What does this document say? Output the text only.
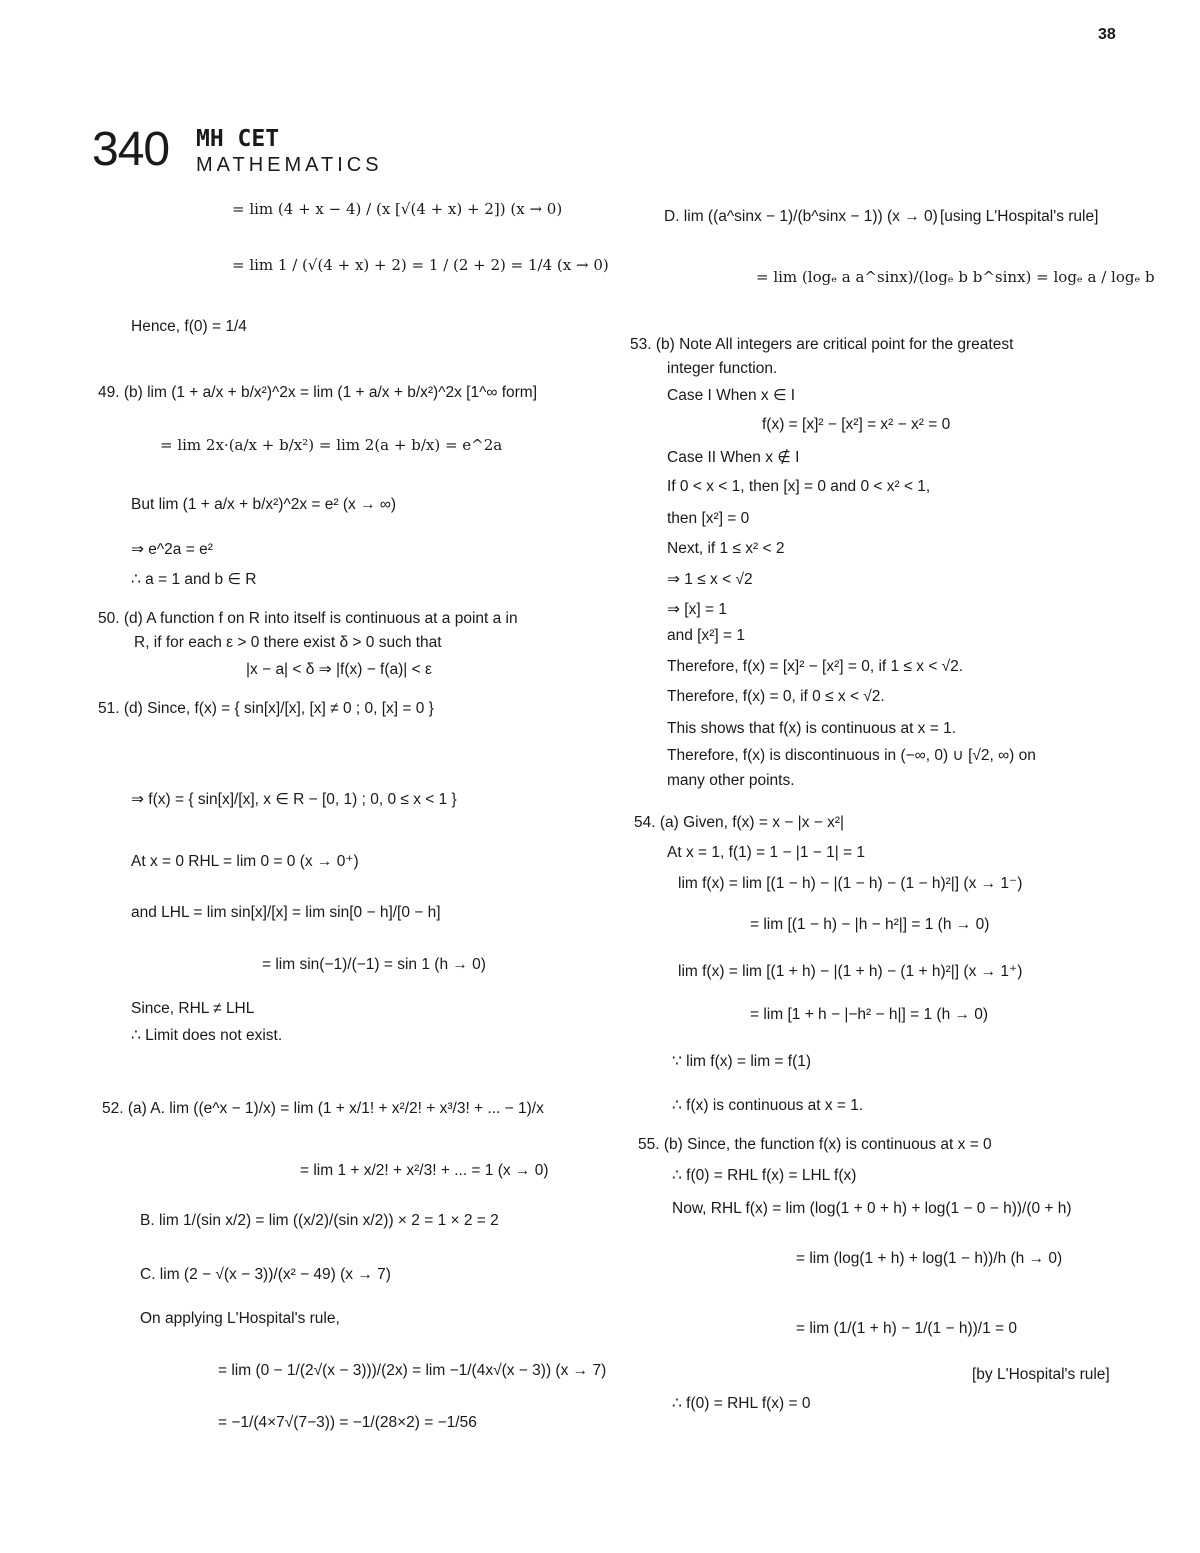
38
340 MH CET
MATHEMATICS
= lim (4 + x − 4) / (x [√(4 + x) + 2]) (x → 0)
= lim 1 / (√(4 + x) + 2) = 1 / (2 + 2) = 1/4 (x → 0)
Hence, f(0) = 1/4
49. (b) lim (1 + a/x + b/x²)^2x = lim (1 + a/x + b/x²)^2x [1^∞ form]
= lim 2x·(a/x + b/x²) = lim 2(a + b/x) = e^2a
But lim (1 + a/x + b/x²)^2x = e² (x → ∞)
⇒ e^2a = e²
∴ a = 1 and b ∈ R
50. (d) A function f on R into itself is continuous at a point a in
R, if for each ε > 0 there exist δ > 0 such that
|x − a| < δ ⇒ |f(x) − f(a)| < ε
51. (d) Since, f(x) = { sin[x]/[x], [x] ≠ 0 ; 0, [x] = 0 }
⇒ f(x) = { sin[x]/[x], x ∈ R − [0, 1) ; 0, 0 ≤ x < 1 }
At x = 0 RHL = lim 0 = 0 (x → 0⁺)
and LHL = lim sin[x]/[x] = lim sin[0 − h]/[0 − h]
= lim sin(−1)/(−1) = sin 1 (h → 0)
Since, RHL ≠ LHL
∴ Limit does not exist.
52. (a) A. lim ((e^x − 1)/x) = lim (1 + x/1! + x²/2! + x³/3! + ... − 1)/x
= lim 1 + x/2! + x²/3! + ... = 1 (x → 0)
B. lim 1/(sin x/2) = lim ((x/2)/(sin x/2)) × 2 = 1 × 2 = 2
C. lim (2 − √(x − 3))/(x² − 49) (x → 7)
On applying L'Hospital's rule,
= lim (0 − 1/(2√(x − 3)))/(2x) = lim −1/(4x√(x − 3)) (x → 7)
= −1/(4×7√(7−3)) = −1/(28×2) = −1/56
D. lim ((a^sinx − 1)/(b^sinx − 1)) (x → 0) [using L'Hospital's rule]
= lim (logₑ a a^sinx)/(logₑ b b^sinx) = logₑ a / logₑ b
53. (b) Note All integers are critical point for the greatest
integer function.
Case I When x ∈ I
f(x) = [x]² − [x²] = x² − x² = 0
Case II When x ∉ I
If 0 < x < 1, then [x] = 0 and 0 < x² < 1,
then [x²] = 0
Next, if 1 ≤ x² < 2
⇒ 1 ≤ x < √2
⇒ [x] = 1
and [x²] = 1
Therefore, f(x) = [x]² − [x²] = 0, if 1 ≤ x < √2.
Therefore, f(x) = 0, if 0 ≤ x < √2.
This shows that f(x) is continuous at x = 1.
Therefore, f(x) is discontinuous in (−∞, 0) ∪ [√2, ∞) on
many other points.
54. (a) Given, f(x) = x − |x − x²|
At x = 1, f(1) = 1 − |1 − 1| = 1
lim f(x) = lim [(1 − h) − |(1 − h) − (1 − h)²|] (x → 1⁻)
= lim [(1 − h) − |h − h²|] = 1 (h → 0)
lim f(x) = lim [(1 + h) − |(1 + h) − (1 + h)²|] (x → 1⁺)
= lim [1 + h − |−h² − h|] = 1 (h → 0)
∵ lim f(x) = lim = f(1)
∴ f(x) is continuous at x = 1.
55. (b) Since, the function f(x) is continuous at x = 0
∴ f(0) = RHL f(x) = LHL f(x)
Now, RHL f(x) = lim (log(1 + 0 + h) + log(1 − 0 − h))/(0 + h)
= lim (log(1 + h) + log(1 − h))/h (h → 0)
= lim (1/(1 + h) − 1/(1 − h))/1 = 0
[by L'Hospital's rule]
∴ f(0) = RHL f(x) = 0
